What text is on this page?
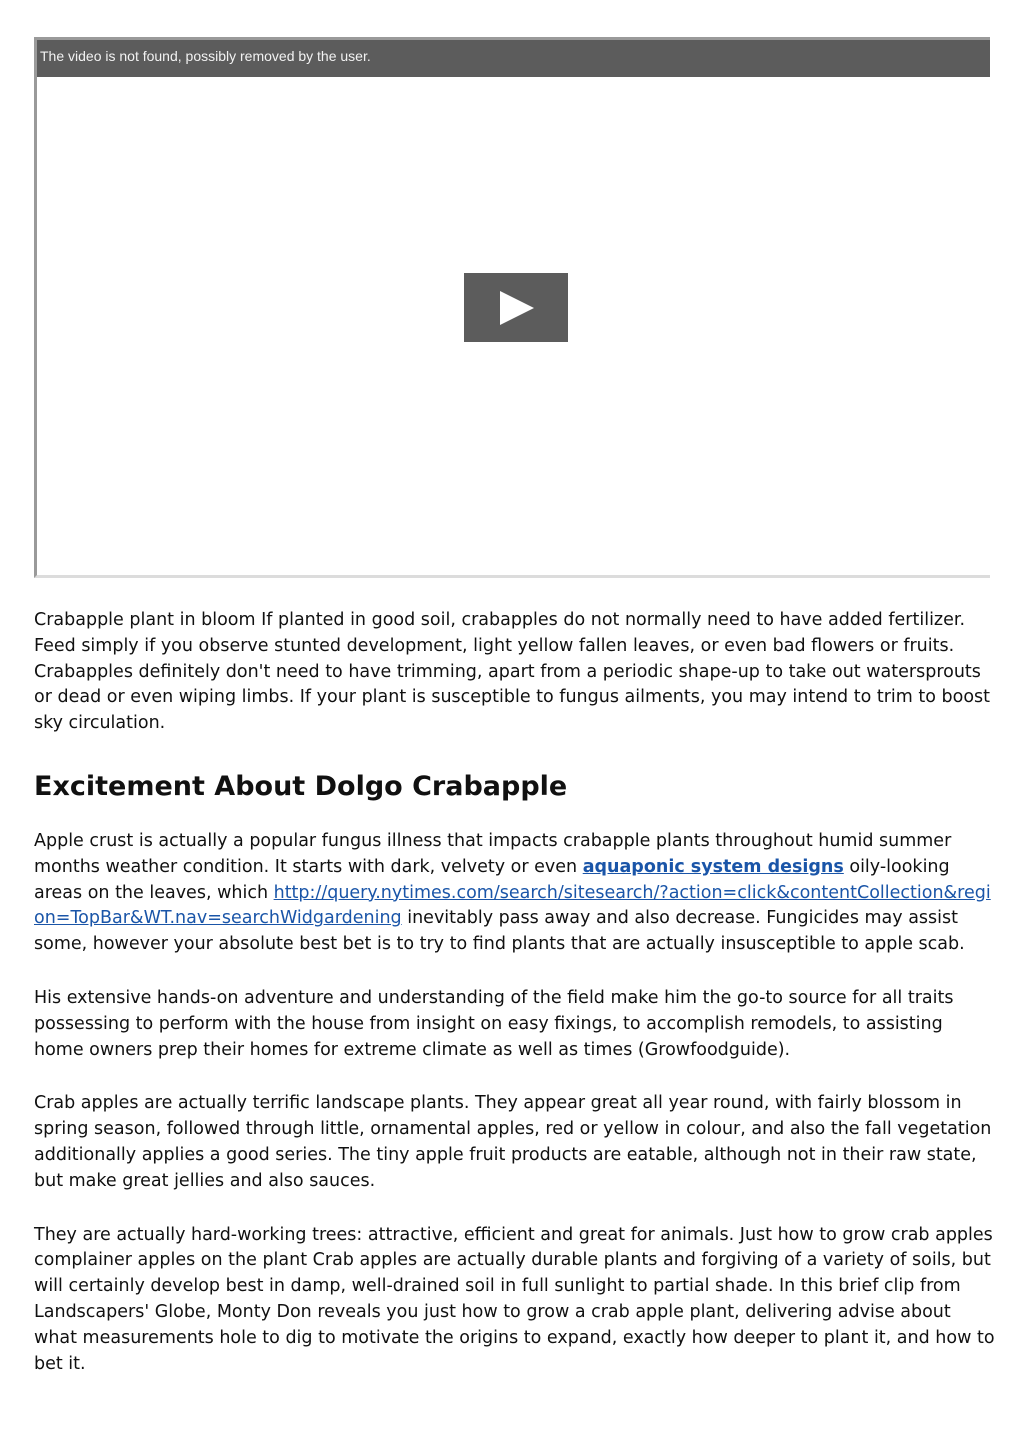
The video is not found, possibly removed by the user.

Crabapple plant in bloom If planted in good soil, crabapples do not normally need to have added fertilizer. Feed simply if you observe stunted development, light yellow fallen leaves, or even bad flowers or fruits. Crabapples definitely don't need to have trimming, apart from a periodic shape-up to take out watersprouts or dead or even wiping limbs. If your plant is susceptible to fungus ailments, you may intend to trim to boost sky circulation.

Excitement About Dolgo Crabapple

Apple crust is actually a popular fungus illness that impacts crabapple plants throughout humid summer months weather condition. It starts with dark, velvety or even aquaponic system designs oily-looking areas on the leaves, which http://query.nytimes.com/search/sitesearch/?action=click&contentCollection&region=TopBar&WT.nav=searchWidgardening inevitably pass away and also decrease. Fungicides may assist some, however your absolute best bet is to try to find plants that are actually insusceptible to apple scab.

His extensive hands-on adventure and understanding of the field make him the go-to source for all traits possessing to perform with the house from insight on easy fixings, to accomplish remodels, to assisting home owners prep their homes for extreme climate as well as times (Growfoodguide).

Crab apples are actually terrific landscape plants. They appear great all year round, with fairly blossom in spring season, followed through little, ornamental apples, red or yellow in colour, and also the fall vegetation additionally applies a good series. The tiny apple fruit products are eatable, although not in their raw state, but make great jellies and also sauces.

They are actually hard-working trees: attractive, efficient and great for animals. Just how to grow crab apples complainer apples on the plant Crab apples are actually durable plants and forgiving of a variety of soils, but will certainly develop best in damp, well-drained soil in full sunlight to partial shade. In this brief clip from Landscapers' Globe, Monty Don reveals you just how to grow a crab apple plant, delivering advise about what measurements hole to dig to motivate the origins to expand, exactly how deeper to plant it, and how to bet it.
